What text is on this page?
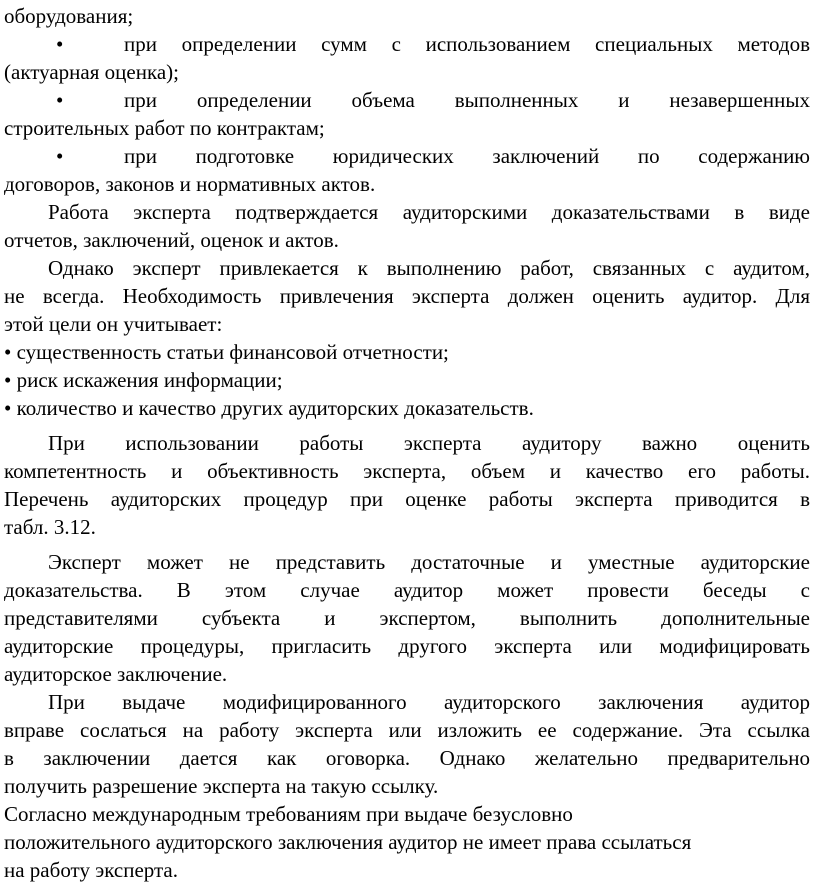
оборудования;
•	при определении сумм с использованием специальных методов
(актуарная оценка);
•	при определении объема выполненных и незавершенных
строительных работ по контрактам;
•	при подготовке юридических заключений по содержанию
договоров, законов и нормативных актов.
Работа эксперта подтверждается аудиторскими доказательствами в виде
отчетов, заключений, оценок и актов.
Однако эксперт привлекается к выполнению работ, связанных с аудитом,
не всегда. Необходимость привлечения эксперта должен оценить аудитор. Для
этой цели он учитывает:
• существенность статьи финансовой отчетности;
• риск искажения информации;
• количество и качество других аудиторских доказательств.
При использовании работы эксперта аудитору важно оценить
компетентность и объективность эксперта, объем и качество его работы.
Перечень аудиторских процедур при оценке работы эксперта приводится в
табл. 3.12.
Эксперт может не представить достаточные и уместные аудиторские
доказательства. В этом случае аудитор может провести беседы с
представителями субъекта и экспертом, выполнить дополнительные
аудиторские процедуры, пригласить другого эксперта или модифицировать
аудиторское заключение.
При выдаче модифицированного аудиторского заключения аудитор
вправе сослаться на работу эксперта или изложить ее содержание. Эта ссылка
в заключении дается как оговорка. Однако желательно предварительно
получить разрешение эксперта на такую ссылку.
Согласно международным требованиям при выдаче безусловно
положительного аудиторского заключения аудитор не имеет права ссылаться
на работу эксперта.
